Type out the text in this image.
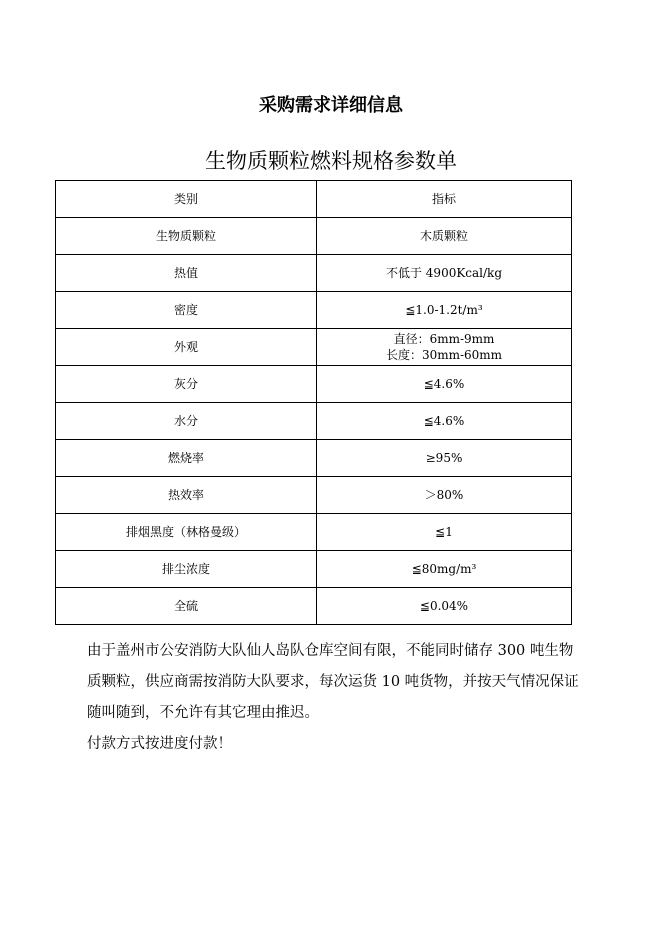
采购需求详细信息
生物质颗粒燃料规格参数单
类别	指标
生物质颗粒	木质颗粒

热值	不低于 4900Kcal/kg

密度	≦1.0-1.2t/m³

外观	直径：6mm-9mm
长度：30mm-60mm

灰分	≦4.6%

水分	≦4.6%

燃烧率	≥95%

热效率	＞80%

排烟黑度（林格曼级）	≦1

排尘浓度	≦80mg/m³

全硫	≦0.04%

由于盖州市公安消防大队仙人岛队仓库空间有限，不能同时储存 300 吨生物质颗粒，供应商需按消防大队要求，每次运货 10 吨货物，并按天气情况保证随叫随到，不允许有其它理由推迟。

付款方式按进度付款！
